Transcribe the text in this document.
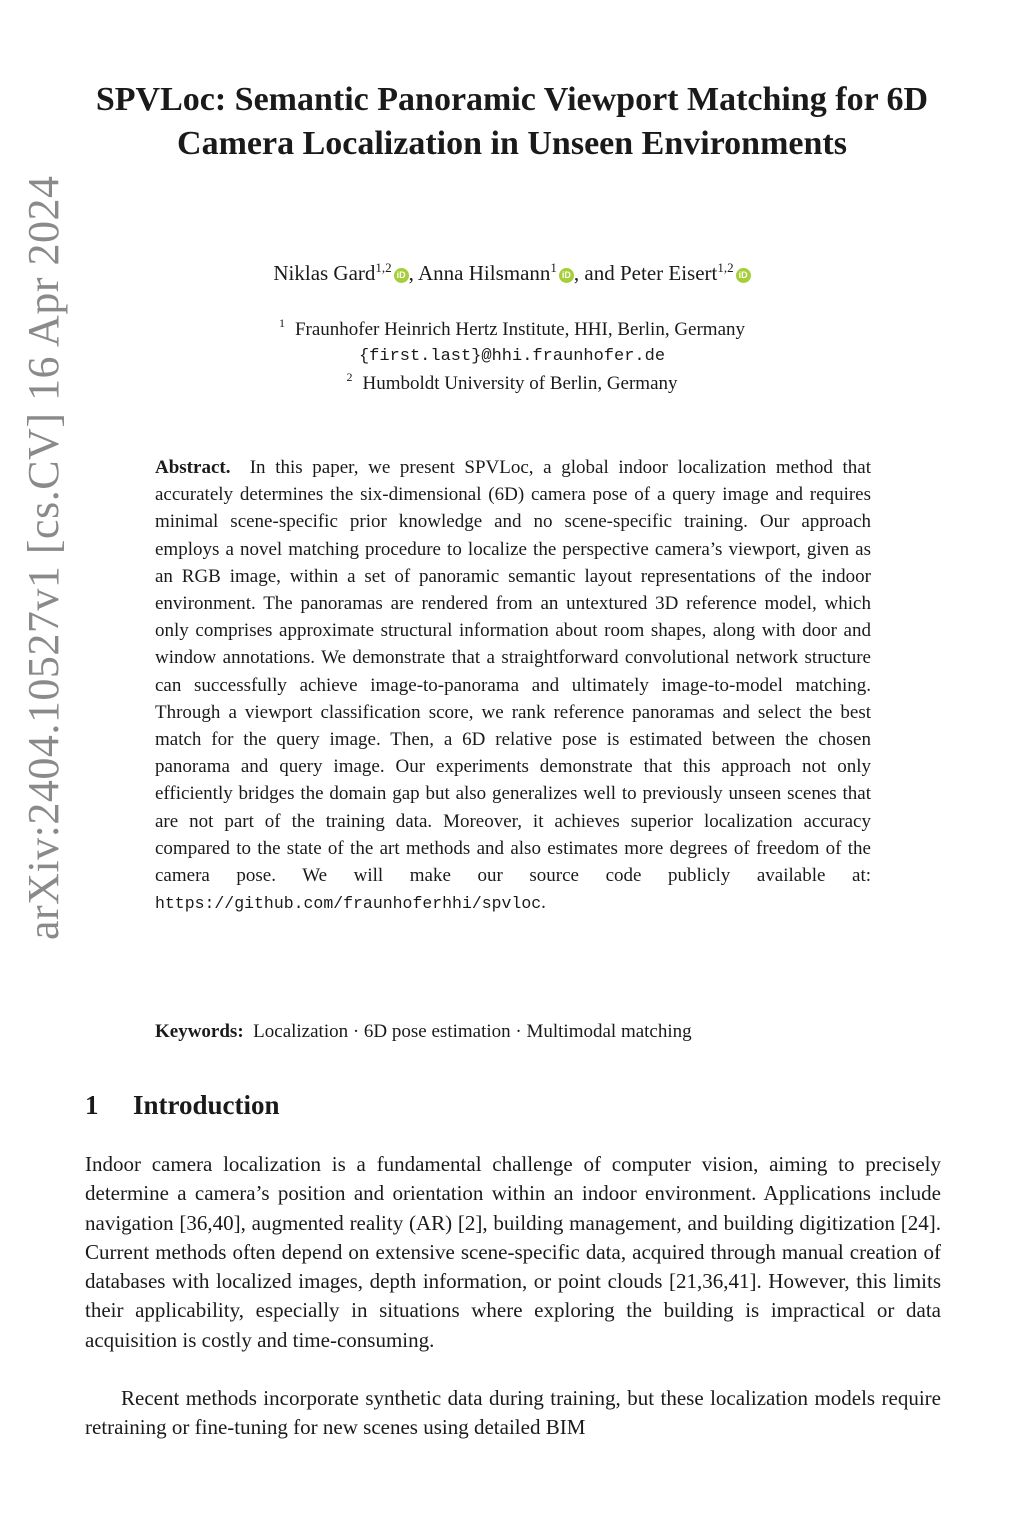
arXiv:2404.10527v1 [cs.CV] 16 Apr 2024
SPVLoc: Semantic Panoramic Viewport Matching for 6D Camera Localization in Unseen Environments
Niklas Gard$^{1,2}$ iD , Anna Hilsmann$^1$ iD , and Peter Eisert$^{1,2}$ iD
$^1$ Fraunhofer Heinrich Hertz Institute, HHI, Berlin, Germany
{first.last}@hhi.fraunhofer.de
$^2$ Humboldt University of Berlin, Germany
Abstract. In this paper, we present SPVLoc, a global indoor localization method that accurately determines the six-dimensional (6D) camera pose of a query image and requires minimal scene-specific prior knowledge and no scene-specific training. Our approach employs a novel matching procedure to localize the perspective camera’s viewport, given as an RGB image, within a set of panoramic semantic layout representations of the indoor environment. The panoramas are rendered from an untextured 3D reference model, which only comprises approximate structural information about room shapes, along with door and window annotations. We demonstrate that a straightforward convolutional network structure can successfully achieve image-to-panorama and ultimately image-to-model matching. Through a viewport classification score, we rank reference panoramas and select the best match for the query image. Then, a 6D relative pose is estimated between the chosen panorama and query image. Our experiments demonstrate that this approach not only efficiently bridges the domain gap but also generalizes well to previously unseen scenes that are not part of the training data. Moreover, it achieves superior localization accuracy compared to the state of the art methods and also estimates more degrees of freedom of the camera pose. We will make our source code publicly available at: https://github.com/fraunhoferhhi/spvloc.
Keywords: Localization · 6D pose estimation · Multimodal matching
1 Introduction
Indoor camera localization is a fundamental challenge of computer vision, aiming to precisely determine a camera’s position and orientation within an indoor environment. Applications include navigation [36,40], augmented reality (AR) [2], building management, and building digitization [24]. Current methods often depend on extensive scene-specific data, acquired through manual creation of databases with localized images, depth information, or point clouds [21,36,41]. However, this limits their applicability, especially in situations where exploring the building is impractical or data acquisition is costly and time-consuming.
Recent methods incorporate synthetic data during training, but these localization models require retraining or fine-tuning for new scenes using detailed BIM
